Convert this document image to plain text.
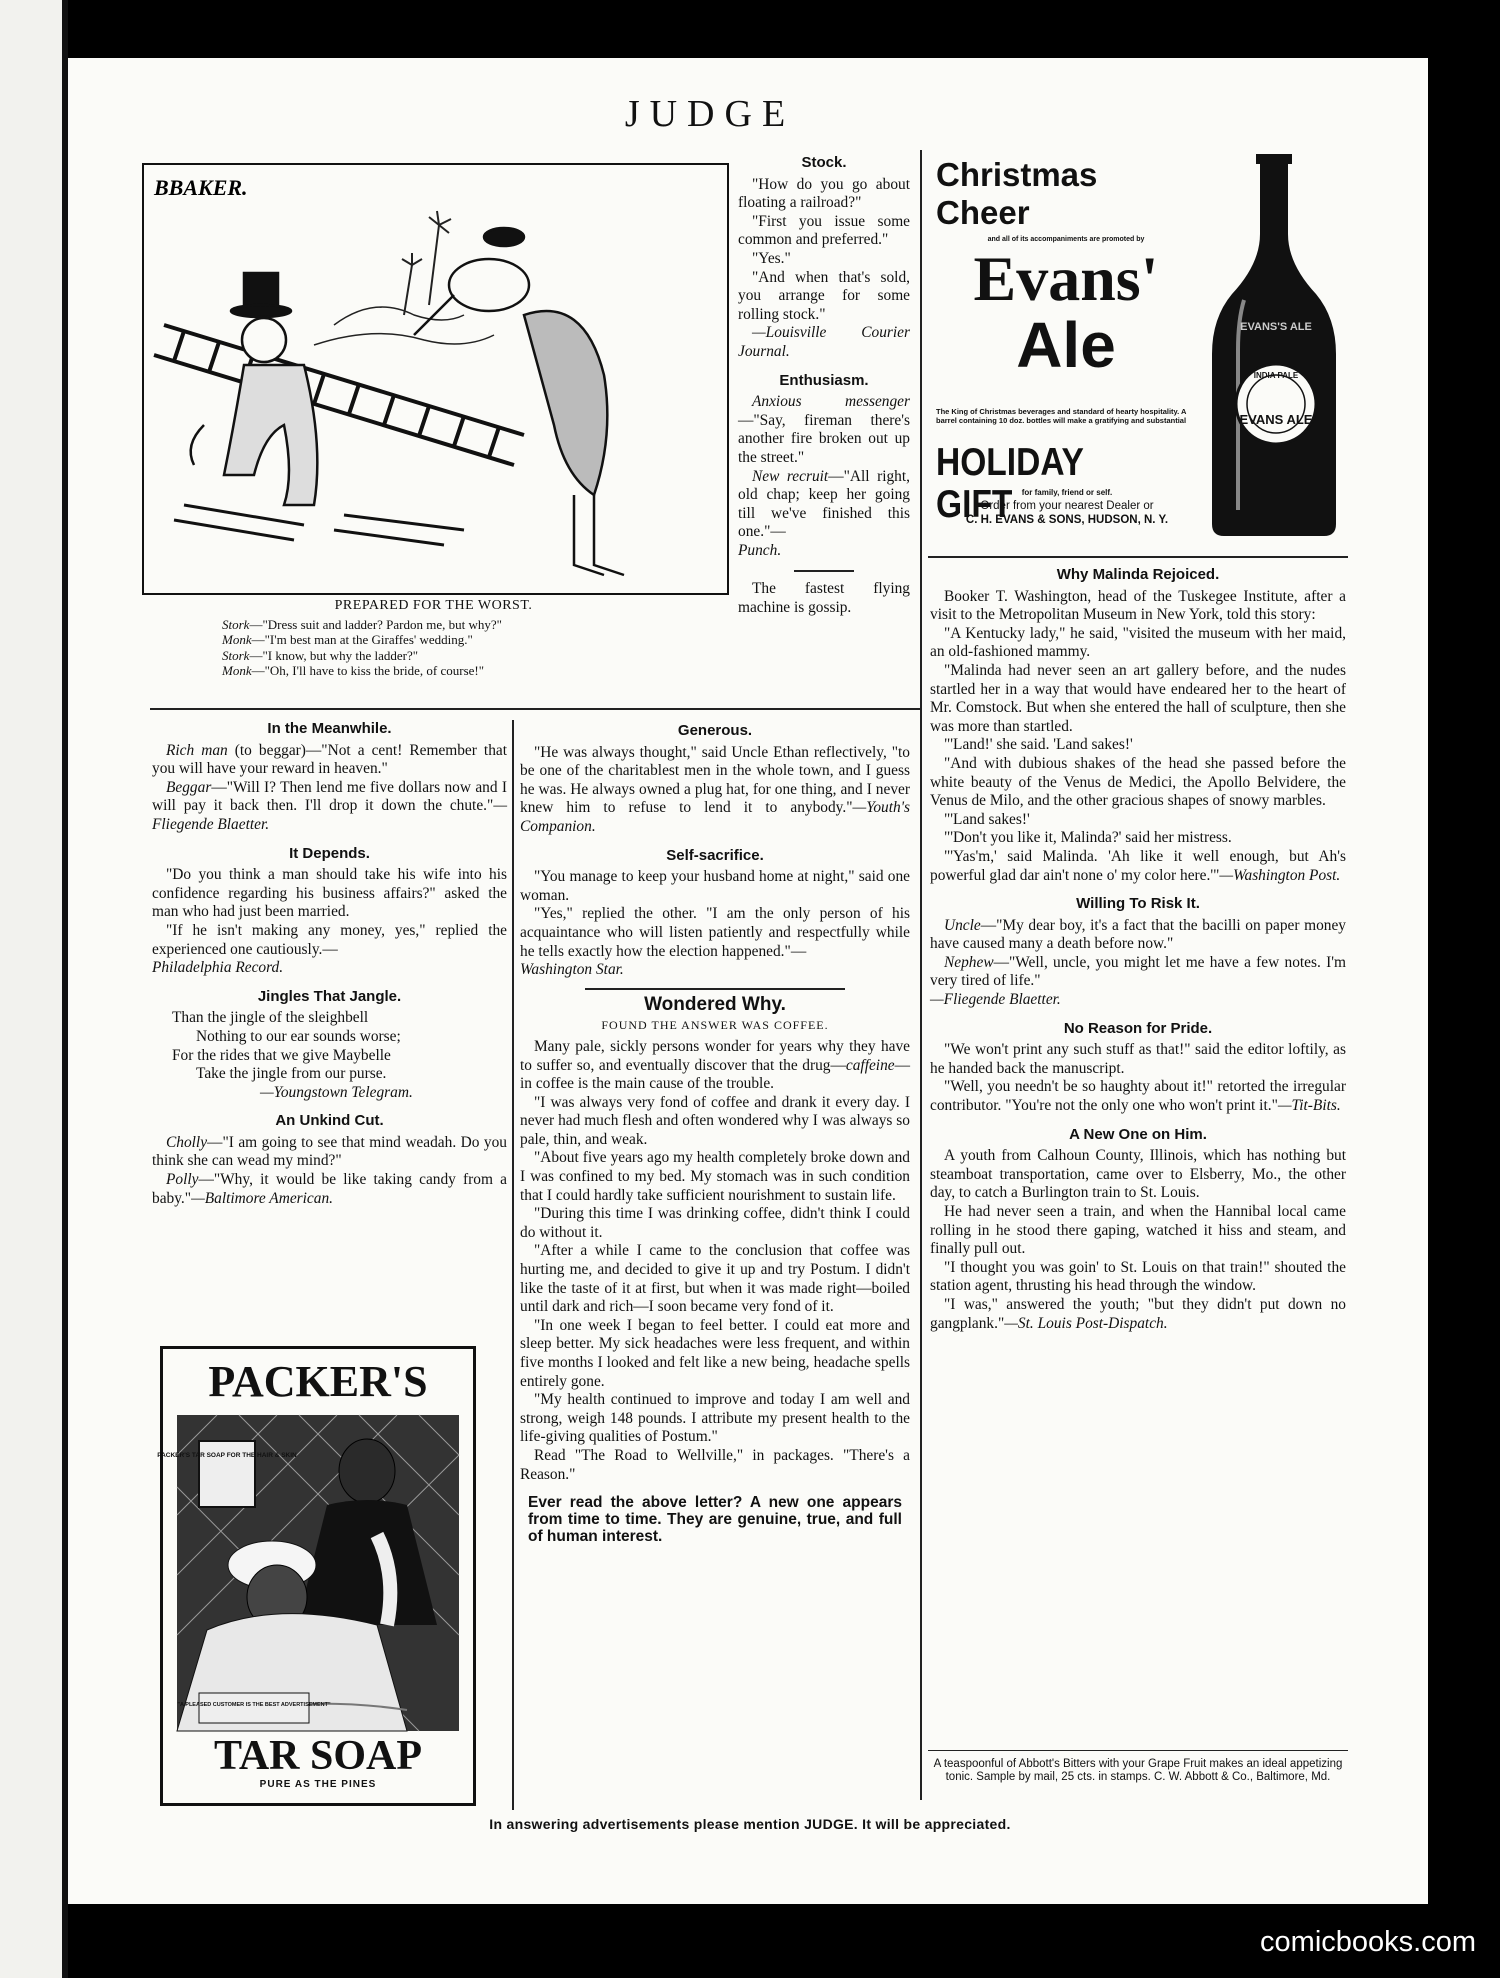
JUDGE
BBAKER.
PREPARED FOR THE WORST.
Stork—"Dress suit and ladder? Pardon me, but why?"
Monk—"I'm best man at the Giraffes' wedding."
Stork—"I know, but why the ladder?"
Monk—"Oh, I'll have to kiss the bride, of course!"
Stock.

"How do you go about floating a railroad?"

"First you issue some common and preferred."

"Yes."

"And when that's sold, you arrange for some rolling stock."

—Louisville Courier Journal.

Enthusiasm.

Anxious messenger—"Say, fireman there's another fire broken out up the street."

New recruit—"All right, old chap; keep her going till we've finished this one."—

Punch.

The fastest flying machine is gossip.

Christmas Cheer
and all of its accompaniments are promoted by
Evans'
Ale
The King of Christmas beverages and standard of hearty hospitality. A barrel containing 10 doz. bottles will make a gratifying and substantial
HOLIDAY GIFT	for family, friend or self.
Order from your nearest Dealer or
C. H. EVANS & SONS, HUDSON, N. Y.
EVANS'S ALE
INDIA PALE
EVANS ALE
In the Meanwhile.

Rich man (to beggar)—"Not a cent! Remember that you will have your reward in heaven."

Beggar—"Will I? Then lend me five dollars now and I will pay it back then. I'll drop it down the chute."—Fliegende Blaetter.

It Depends.

"Do you think a man should take his wife into his confidence regarding his business affairs?" asked the man who had just been married.

"If he isn't making any money, yes," replied the experienced one cautiously.—

Philadelphia Record.

Jingles That Jangle.

Than the jingle of the sleighbell

Nothing to our ear sounds worse;

For the rides that we give Maybelle

Take the jingle from our purse.

—Youngstown Telegram.

An Unkind Cut.

Cholly—"I am going to see that mind weadah. Do you think she can wead my mind?"

Polly—"Why, it would be like taking candy from a baby."—Baltimore American.

PACKER'S
PACKER'S TAR SOAP FOR THE HAIR & SKIN
"A PLEASED CUSTOMER IS THE BEST ADVERTISEMENT"
TAR SOAP
PURE AS THE PINES
Generous.

"He was always thought," said Uncle Ethan reflectively, "to be one of the charitablest men in the whole town, and I guess he was. He always owned a plug hat, for one thing, and I never knew him to refuse to lend it to anybody."—Youth's Companion.

Self-sacrifice.

"You manage to keep your husband home at night," said one woman.

"Yes," replied the other. "I am the only person of his acquaintance who will listen patiently and respectfully while he tells exactly how the election happened."—

Washington Star.

Wondered Why.
FOUND THE ANSWER WAS COFFEE.

Many pale, sickly persons wonder for years why they have to suffer so, and eventually discover that the drug—caffeine—in coffee is the main cause of the trouble.

"I was always very fond of coffee and drank it every day. I never had much flesh and often wondered why I was always so pale, thin, and weak.

"About five years ago my health completely broke down and I was confined to my bed. My stomach was in such condition that I could hardly take sufficient nourishment to sustain life.

"During this time I was drinking coffee, didn't think I could do without it.

"After a while I came to the conclusion that coffee was hurting me, and decided to give it up and try Postum. I didn't like the taste of it at first, but when it was made right—boiled until dark and rich—I soon became very fond of it.

"In one week I began to feel better. I could eat more and sleep better. My sick headaches were less frequent, and within five months I looked and felt like a new being, headache spells entirely gone.

"My health continued to improve and today I am well and strong, weigh 148 pounds. I attribute my present health to the life-giving qualities of Postum."

Read "The Road to Wellville," in packages. "There's a Reason."

Ever read the above letter? A new one appears from time to time. They are genuine, true, and full of human interest.
Why Malinda Rejoiced.

Booker T. Washington, head of the Tuskegee Institute, after a visit to the Metropolitan Museum in New York, told this story:

"A Kentucky lady," he said, "visited the museum with her maid, an old-fashioned mammy.

"Malinda had never seen an art gallery before, and the nudes startled her in a way that would have endeared her to the heart of Mr. Comstock. But when she entered the hall of sculpture, then she was more than startled.

"'Land!' she said. 'Land sakes!'

"And with dubious shakes of the head she passed before the white beauty of the Venus de Medici, the Apollo Belvidere, the Venus de Milo, and the other gracious shapes of snowy marbles.

"'Land sakes!'

"'Don't you like it, Malinda?' said her mistress.

"'Yas'm,' said Malinda. 'Ah like it well enough, but Ah's powerful glad dar ain't none o' my color here.'"—Washington Post.

Willing To Risk It.

Uncle—"My dear boy, it's a fact that the bacilli on paper money have caused many a death before now."

Nephew—"Well, uncle, you might let me have a few notes. I'm very tired of life."

—Fliegende Blaetter.

No Reason for Pride.

"We won't print any such stuff as that!" said the editor loftily, as he handed back the manuscript.

"Well, you needn't be so haughty about it!" retorted the irregular contributor. "You're not the only one who won't print it."—Tit-Bits.

A New One on Him.

A youth from Calhoun County, Illinois, which has nothing but steamboat transportation, came over to Elsberry, Mo., the other day, to catch a Burlington train to St. Louis.

He had never seen a train, and when the Hannibal local came rolling in he stood there gaping, watched it hiss and steam, and finally pull out.

"I thought you was goin' to St. Louis on that train!" shouted the station agent, thrusting his head through the window.

"I was," answered the youth; "but they didn't put down no gangplank."—St. Louis Post-Dispatch.

A teaspoonful of Abbott's Bitters with your Grape Fruit makes an ideal appetizing tonic. Sample by mail, 25 cts. in stamps. C. W. Abbott & Co., Baltimore, Md.
In answering advertisements please mention JUDGE. It will be appreciated.
comicbooks.com
